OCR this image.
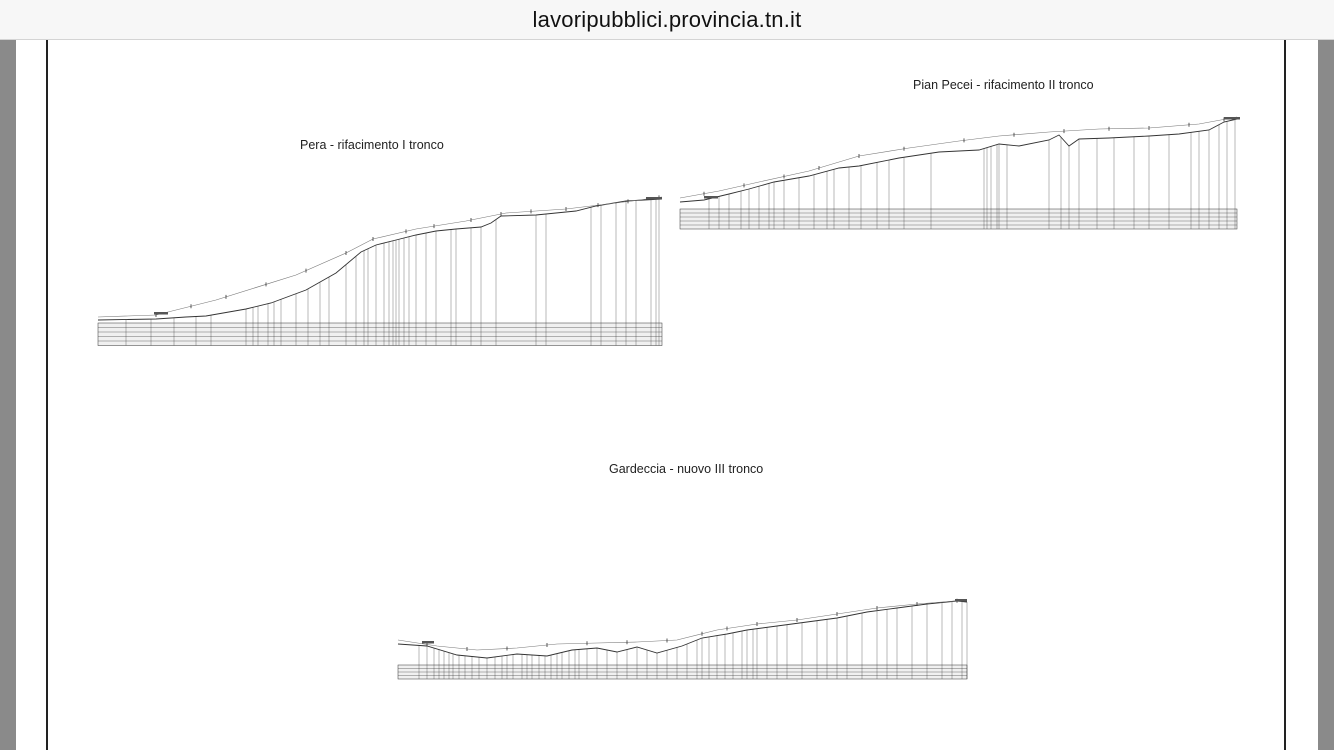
lavoripubblici.provincia.tn.it
Pera - rifacimento I tronco
Pian Pecei - rifacimento II tronco
Gardeccia - nuovo III tronco
